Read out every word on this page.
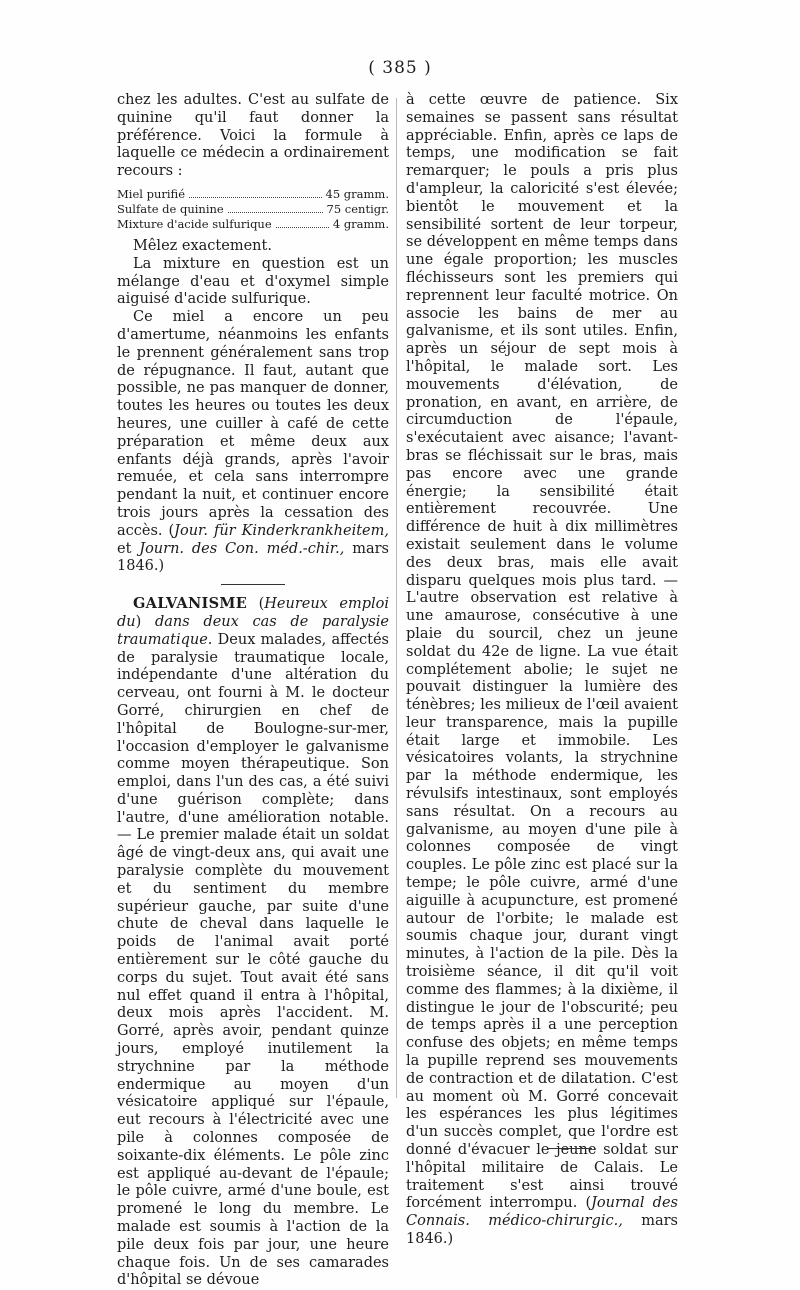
( 385 )

chez les adultes. C'est au sulfate de quinine qu'il faut donner la préférence. Voici la formule à laquelle ce médecin a ordinairement recours :

Miel purifié	45 gramm.
Sulfate de quinine	75 centigr.
Mixture d'acide sulfurique	4 gramm.

Mêlez exactement.

La mixture en question est un mélange d'eau et d'oxymel simple aiguisé d'acide sulfurique.

Ce miel a encore un peu d'amertume, néanmoins les enfants le prennent généralement sans trop de répugnance. Il faut, autant que possible, ne pas manquer de donner, toutes les heures ou toutes les deux heures, une cuiller à café de cette préparation et même deux aux enfants déjà grands, après l'avoir remuée, et cela sans interrompre pendant la nuit, et continuer encore trois jours après la cessation des accès. (Jour. für Kinderkrankheitem, et Journ. des Con. méd.-chir., mars 1846.)

GALVANISME (Heureux emploi du) dans deux cas de paralysie traumatique. Deux malades, affectés de paralysie traumatique locale, indépendante d'une altération du cerveau, ont fourni à M. le docteur Gorré, chirurgien en chef de l'hôpital de Boulogne-sur-mer, l'occasion d'employer le galvanisme comme moyen thérapeutique. Son emploi, dans l'un des cas, a été suivi d'une guérison complète; dans l'autre, d'une amélioration notable.— Le premier malade était un soldat âgé de vingt-deux ans, qui avait une paralysie complète du mouvement et du sentiment du membre supérieur gauche, par suite d'une chute de cheval dans laquelle le poids de l'animal avait porté entièrement sur le côté gauche du corps du sujet. Tout avait été sans nul effet quand il entra à l'hôpital, deux mois après l'accident. M. Gorré, après avoir, pendant quinze jours, employé inutilement la strychnine par la méthode endermique au moyen d'un vésicatoire appliqué sur l'épaule, eut recours à l'électricité avec une pile à colonnes composée de soixante-dix éléments. Le pôle zinc est appliqué au-devant de l'épaule; le pôle cuivre, armé d'une boule, est promené le long du membre. Le malade est soumis à l'action de la pile deux fois par jour, une heure chaque fois. Un de ses camarades d'hôpital se dévoue

à cette œuvre de patience. Six semaines se passent sans résultat appréciable. Enfin, après ce laps de temps, une modification se fait remarquer; le pouls a pris plus d'ampleur, la caloricité s'est élevée; bientôt le mouvement et la sensibilité sortent de leur torpeur, se développent en même temps dans une égale proportion; les muscles fléchisseurs sont les premiers qui reprennent leur faculté motrice. On associe les bains de mer au galvanisme, et ils sont utiles. Enfin, après un séjour de sept mois à l'hôpital, le malade sort. Les mouvements d'élévation, de pronation, en avant, en arrière, de circumduction de l'épaule, s'exécutaient avec aisance; l'avant-bras se fléchissait sur le bras, mais pas encore avec une grande énergie; la sensibilité était entièrement recouvrée. Une différence de huit à dix millimètres existait seulement dans le volume des deux bras, mais elle avait disparu quelques mois plus tard. — L'autre observation est relative à une amaurose, consécutive à une plaie du sourcil, chez un jeune soldat du 42e de ligne. La vue était complétement abolie; le sujet ne pouvait distinguer la lumière des ténèbres; les milieux de l'œil avaient leur transparence, mais la pupille était large et immobile. Les vésicatoires volants, la strychnine par la méthode endermique, les révulsifs intestinaux, sont employés sans résultat. On a recours au galvanisme, au moyen d'une pile à colonnes composée de vingt couples. Le pôle zinc est placé sur la tempe; le pôle cuivre, armé d'une aiguille à acupuncture, est promené autour de l'orbite; le malade est soumis chaque jour, durant vingt minutes, à l'action de la pile. Dès la troisième séance, il dit qu'il voit comme des flammes; à la dixième, il distingue le jour de l'obscurité; peu de temps après il a une perception confuse des objets; en même temps la pupille reprend ses mouvements de contraction et de dilatation. C'est au moment où M. Gorré concevait les espérances les plus légitimes d'un succès complet, que l'ordre est donné d'évacuer le jeune soldat sur l'hôpital militaire de Calais. Le traitement s'est ainsi trouvé forcément interrompu. (Journal des Connais. médico-chirurgic., mars 1846.)
